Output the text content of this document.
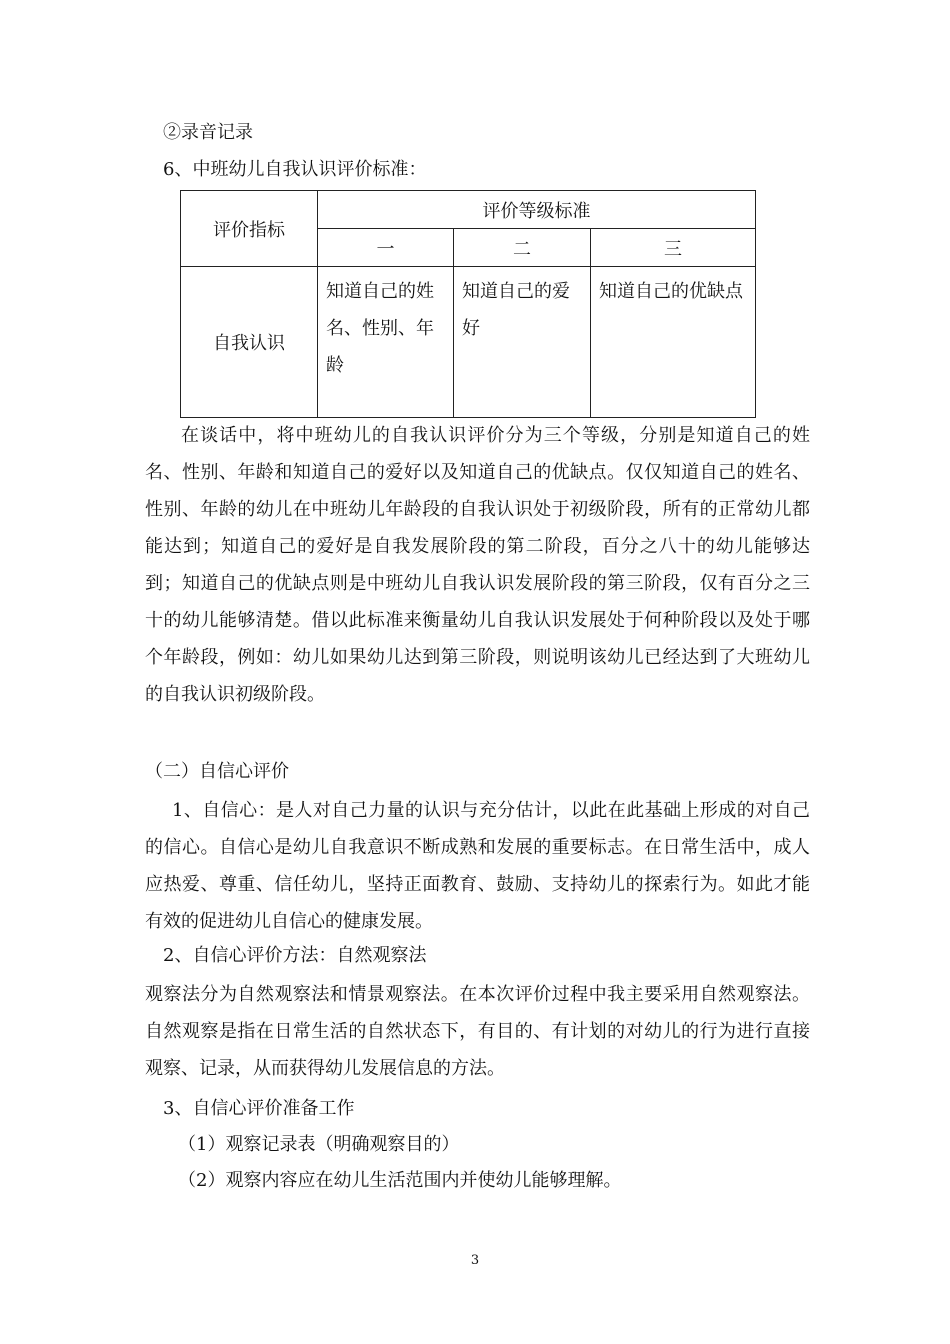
②录音记录
6、中班幼儿自我认识评价标准：
评价指标	评价等级标准		
	一	二	三
自我认识	知道自己的姓名、性别、年龄	知道自己的爱好	知道自己的优缺点
在谈话中，将中班幼儿的自我认识评价分为三个等级，分别是知道自己的姓名、性别、年龄和知道自己的爱好以及知道自己的优缺点。仅仅知道自己的姓名、性别、年龄的幼儿在中班幼儿年龄段的自我认识处于初级阶段，所有的正常幼儿都能达到；知道自己的爱好是自我发展阶段的第二阶段，百分之八十的幼儿能够达到；知道自己的优缺点则是中班幼儿自我认识发展阶段的第三阶段，仅有百分之三十的幼儿能够清楚。借以此标准来衡量幼儿自我认识发展处于何种阶段以及处于哪个年龄段，例如：幼儿如果幼儿达到第三阶段，则说明该幼儿已经达到了大班幼儿的自我认识初级阶段。
（二）自信心评价
1、自信心：是人对自己力量的认识与充分估计，以此在此基础上形成的对自己的信心。自信心是幼儿自我意识不断成熟和发展的重要标志。在日常生活中，成人应热爱、尊重、信任幼儿，坚持正面教育、鼓励、支持幼儿的探索行为。如此才能有效的促进幼儿自信心的健康发展。
2、自信心评价方法：自然观察法
观察法分为自然观察法和情景观察法。在本次评价过程中我主要采用自然观察法。自然观察是指在日常生活的自然状态下，有目的、有计划的对幼儿的行为进行直接观察、记录，从而获得幼儿发展信息的方法。
3、自信心评价准备工作
（1）观察记录表（明确观察目的）
（2）观察内容应在幼儿生活范围内并使幼儿能够理解。
3
